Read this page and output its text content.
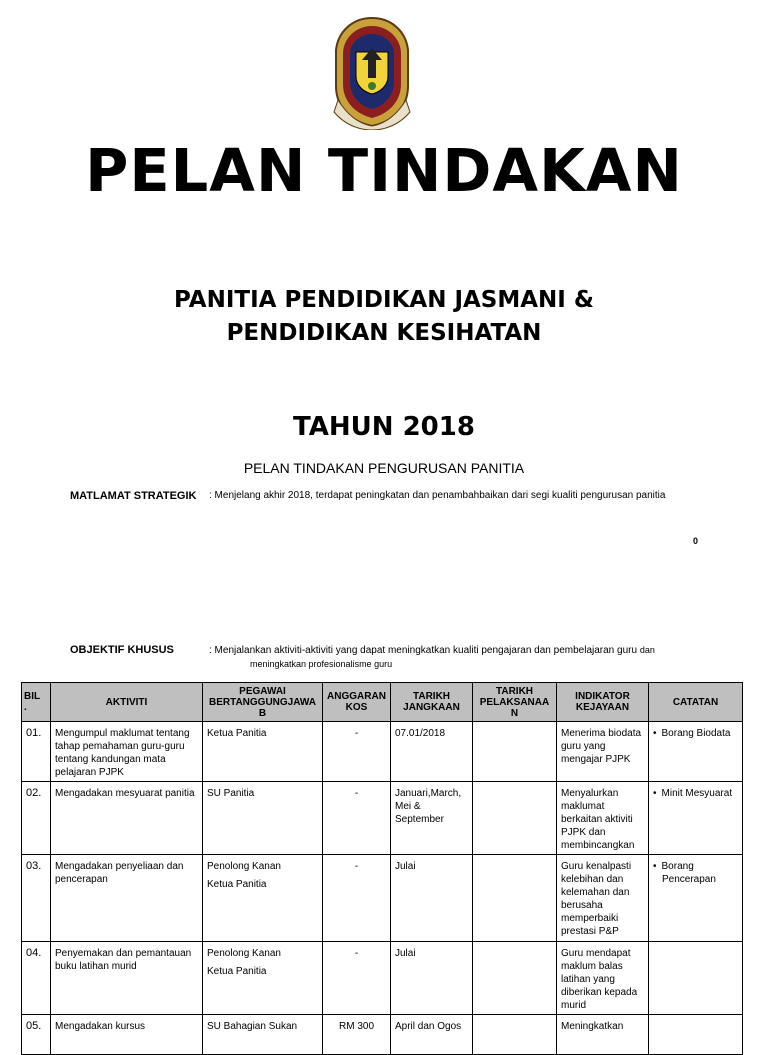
PELAN TINDAKAN
PANITIA PENDIDIKAN JASMANI &
PENDIDIKAN KESIHATAN
TAHUN 2018
PELAN TINDAKAN PENGURUSAN PANITIA
MATLAMAT STRATEGIK : Menjelang akhir 2018, terdapat peningkatan dan penambahbaikan dari segi kualiti pengurusan panitia
0
OBJEKTIF KHUSUS	: Menjalankan aktiviti-aktiviti yang dapat meningkatkan kualiti pengajaran dan pembelajaran guru dan
meningkatkan profesionalisme guru
BIL
.	AKTIVITI	PEGAWAI
BERTANGGUNGJAWA
B	ANGGARAN
KOS	TARIKH
JANGKAAN	TARIKH
PELAKSANAA
N	INDIKATOR
KEJAYAAN	CATATAN
01.	Mengumpul maklumat tentang tahap pemahaman guru-guru tentang kandungan mata pelajaran PJPK	Ketua Panitia	-	07.01/2018		Menerima biodata guru yang mengajar PJPK	• Borang Biodata

02.	Mengadakan mesyuarat panitia	SU Panitia	-	Januari,March, Mei & September		Menyalurkan maklumat berkaitan aktiviti PJPK dan membincangkan	• Minit Mesyuarat

03.	Mengadakan penyeliaan dan pencerapan	Penolong Kanan
Ketua Panitia	-	Julai		Guru kenalpasti kelebihan dan kelemahan dan berusaha memperbaiki prestasi P&P	• Borang Pencerapan

04.	Penyemakan dan pemantauan buku latihan murid	Penolong Kanan
Ketua Panitia	-	Julai		Guru mendapat maklum balas latihan yang diberikan kepada murid	
05.	Mengadakan kursus	SU Bahagian Sukan	RM 300	April dan Ogos		Meningkatkan	
